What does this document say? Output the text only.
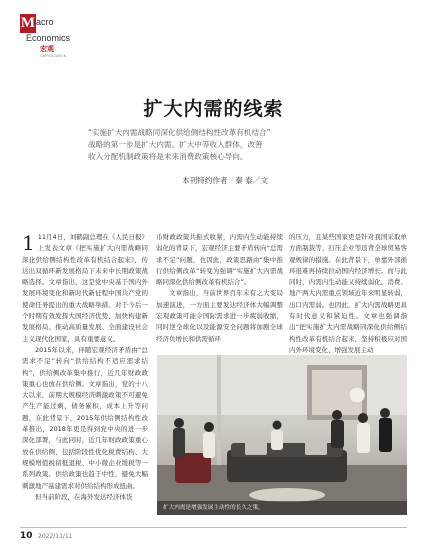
M acro
Economics
宏观
CAPITALWEEK
扩大内需的线索
“实施扩大内需战略同深化供给侧结构性改革有机结合”
战略的第一步是扩大内需。扩大中等收入群体，改善
收入分配机制政策将是未来消费政策核心导向。
本刊特约作者　秦 泰／文

1 11月4日，刘鹤副总理在《人民日报》上发表文章《把实施扩大内需战略同深化供给侧结构性改革有机结合起来》，传达出双循环新发展格局下未来中长期政策战略选择。文章指出，这是党中央基于国内外发展环境变化和新时代新征程中国共产党的使命任务提出的重大战略举措。对于今后一个时期有效发挥大国经济优势、加快构建新发展格局、推动高质量发展、全面建设社会主义现代化国家，具有重要意义。

2015年以来，伴随宏观经济矛盾由“总需求不足”转向“供给结构不适应需求结构”，供给侧改革集中推行，近几年财政政策重心也放在供给侧。文章指出，党的十八大以来，前期大规模经济刺激政策不可避免产生产能过剩、债务累积、成本上升等问题，在此背景下，2015年供给侧结构性改革推出，2018年更是得到党中央的进一步深化部署，与此同时，近几年财政政策重心放在供给侧，包括阶段性优化税费结构、大规模增值税留抵退税、中小微企业缓税等一系列政策。供给政策也趋于中性，避免大幅刺激地产基建需求对供给结构形成扭曲。

但当前阶段，在海外发达经济体货

币财政政策共振式收紧，内需内生动能持续弱化的背景下，宏观经济主要矛盾转向“总需求不足”问题，也因此，政策思路由“集中推行供给侧改革”转变为强调“实施扩大内需战略同深化供给侧改革有机结合”。

文章指出，当前世界百年未有之大变局加速演进，一方面主要发达经济体大幅调整宏观政策可能令国际需求进一步疲弱收缩，同时逆全球化以及能源安全问题将加剧全球经济负增长和供需循环

的压力，且某些国家更是针对我国采取单方面制裁等、打压企业等违背全球贸易客观规律的措施。在此背景下，单靠外部循环很难再持续拉动国内经济增长。而与此同时，内需内生动能又持续弱化。消费、地产两大内需重点领域近年来明显转弱，出口内需弱。也因此，扩大内需战略更具有时代意义和紧迫性。文章也强调指出“把实施扩大内需战略同深化供给侧结构性改革有机结合起来，坚持积极应对国内外环境变化、增强发展主动

扩大内需是增强发展主动性的长久之策。
10 2022/11/11
